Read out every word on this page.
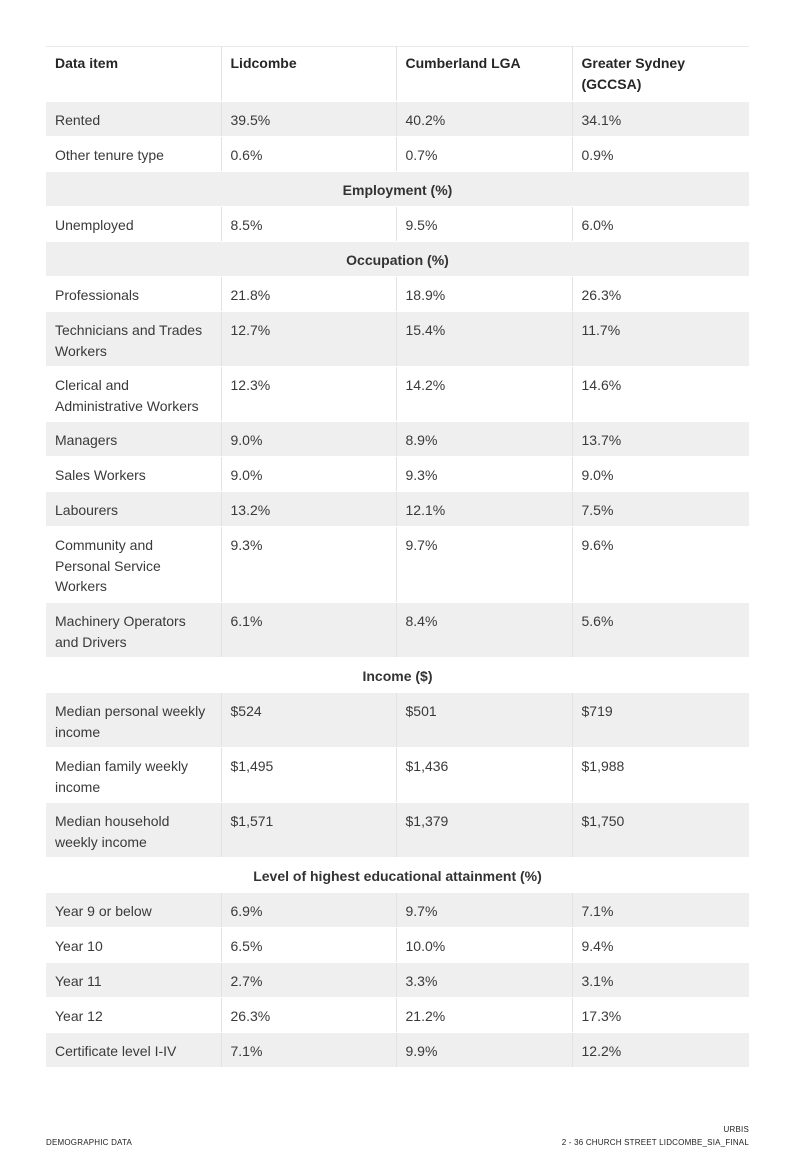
Data item	Lidcombe	Cumberland LGA	Greater Sydney (GCCSA)
Rented	39.5%	40.2%	34.1%
Other tenure type	0.6%	0.7%	0.9%
Employment (%)			
Unemployed	8.5%	9.5%	6.0%
Occupation (%)			
Professionals	21.8%	18.9%	26.3%
Technicians and Trades Workers	12.7%	15.4%	11.7%
Clerical and Administrative Workers	12.3%	14.2%	14.6%
Managers	9.0%	8.9%	13.7%
Sales Workers	9.0%	9.3%	9.0%
Labourers	13.2%	12.1%	7.5%
Community and Personal Service Workers	9.3%	9.7%	9.6%
Machinery Operators and Drivers	6.1%	8.4%	5.6%
Income ($)			
Median personal weekly income	$524	$501	$719
Median family weekly income	$1,495	$1,436	$1,988
Median household weekly income	$1,571	$1,379	$1,750
Level of highest educational attainment (%)			
Year 9 or below	6.9%	9.7%	7.1%
Year 10	6.5%	10.0%	9.4%
Year 11	2.7%	3.3%	3.1%
Year 12	26.3%	21.2%	17.3%
Certificate level I-IV	7.1%	9.9%	12.2%
DEMOGRAPHIC DATA
URBIS
2 - 36 CHURCH STREET LIDCOMBE_SIA_FINAL
